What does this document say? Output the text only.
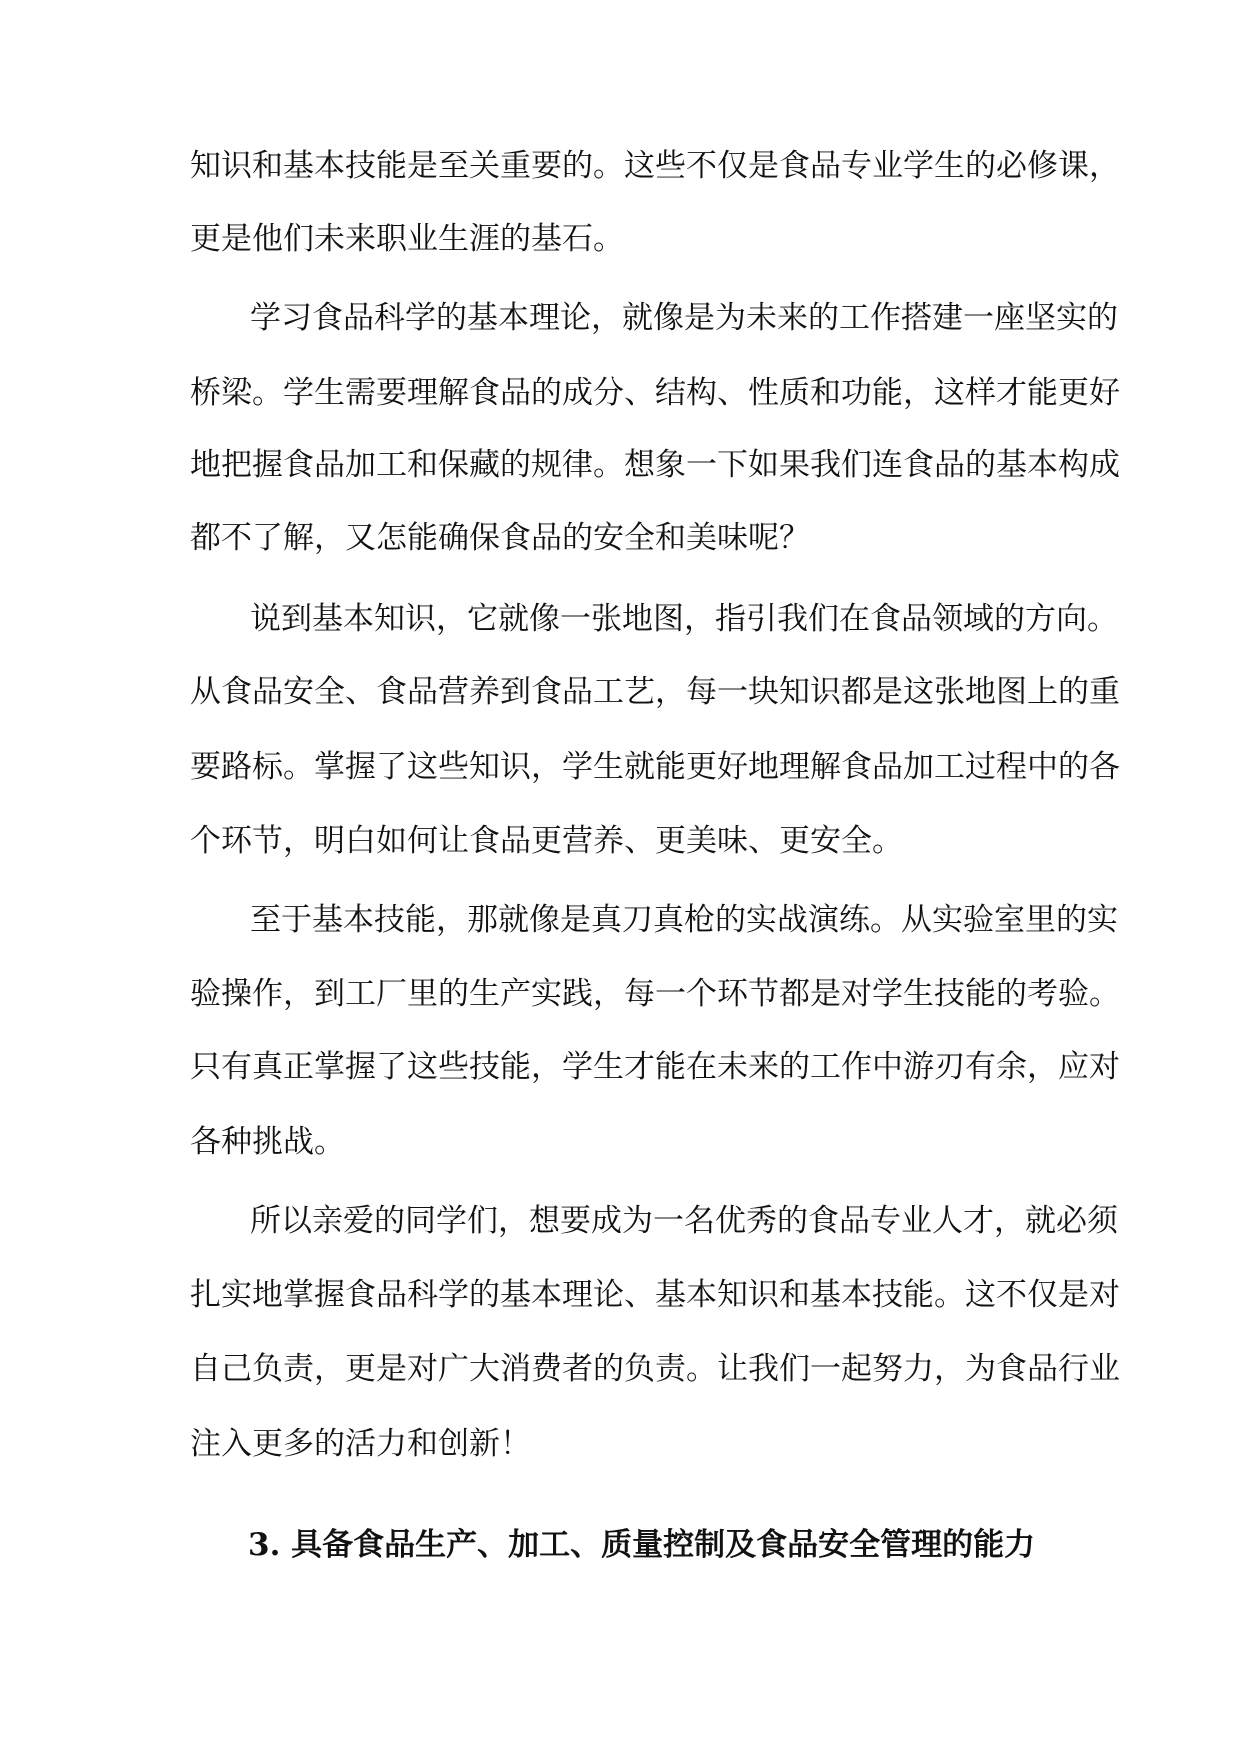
知识和基本技能是至关重要的。这些不仅是食品专业学生的必修课，
更是他们未来职业生涯的基石。
学习食品科学的基本理论，就像是为未来的工作搭建一座坚实的
桥梁。学生需要理解食品的成分、结构、性质和功能，这样才能更好
地把握食品加工和保藏的规律。想象一下如果我们连食品的基本构成
都不了解，又怎能确保食品的安全和美味呢？
说到基本知识，它就像一张地图，指引我们在食品领域的方向。
从食品安全、食品营养到食品工艺，每一块知识都是这张地图上的重
要路标。掌握了这些知识，学生就能更好地理解食品加工过程中的各
个环节，明白如何让食品更营养、更美味、更安全。
至于基本技能，那就像是真刀真枪的实战演练。从实验室里的实
验操作，到工厂里的生产实践，每一个环节都是对学生技能的考验。
只有真正掌握了这些技能，学生才能在未来的工作中游刃有余，应对
各种挑战。
所以亲爱的同学们，想要成为一名优秀的食品专业人才，就必须
扎实地掌握食品科学的基本理论、基本知识和基本技能。这不仅是对
自己负责，更是对广大消费者的负责。让我们一起努力，为食品行业
注入更多的活力和创新！
3. 具备食品生产、加工、质量控制及食品安全管理的能力
